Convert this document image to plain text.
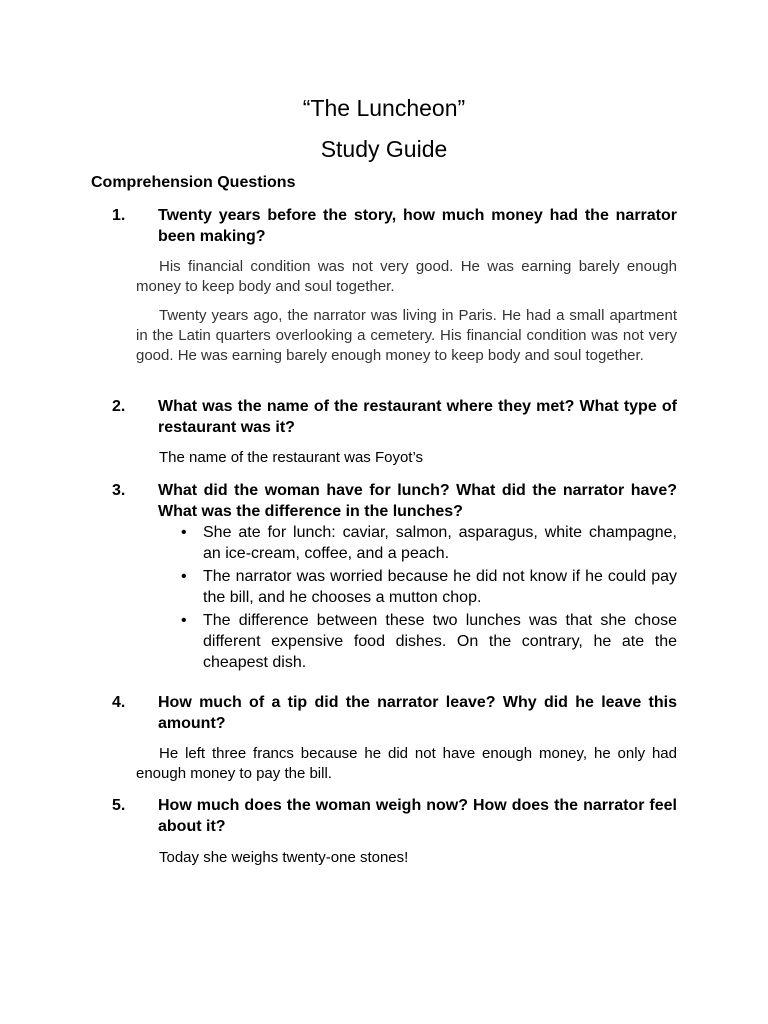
“The Luncheon”
Study Guide
Comprehension Questions
1. Twenty years before the story, how much money had the narrator been making?

His financial condition was not very good. He was earning barely enough money to keep body and soul together.

Twenty years ago, the narrator was living in Paris. He had a small apartment in the Latin quarters overlooking a cemetery. His financial condition was not very good. He was earning barely enough money to keep body and soul together.

2. What was the name of the restaurant where they met? What type of restaurant was it?

The name of the restaurant was Foyot’s

3. What did the woman have for lunch? What did the narrator have? What was the difference in the lunches?

• She ate for lunch: caviar, salmon, asparagus, white champagne, an ice-cream, coffee, and a peach.
• The narrator was worried because he did not know if he could pay the bill, and he chooses a mutton chop.
• The difference between these two lunches was that she chose different expensive food dishes. On the contrary, he ate the cheapest dish.
4. How much of a tip did the narrator leave? Why did he leave this amount?

He left three francs because he did not have enough money, he only had enough money to pay the bill.

5. How much does the woman weigh now? How does the narrator feel about it?

Today she weighs twenty-one stones!
